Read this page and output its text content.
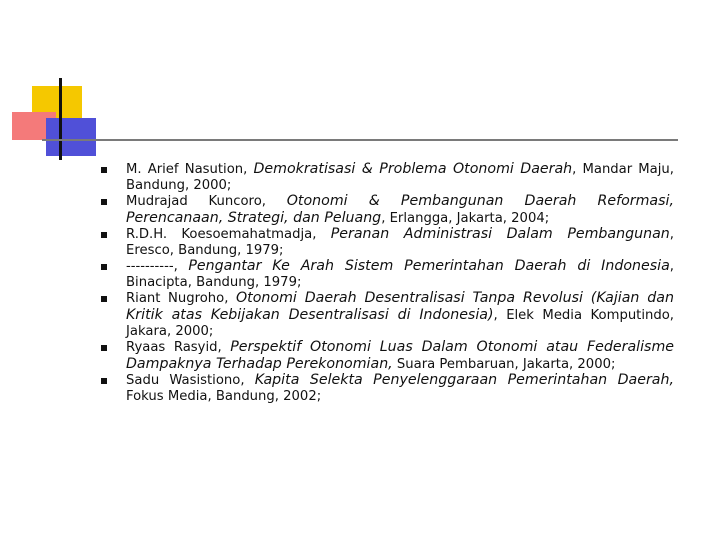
M. Arief Nasution, Demokratisasi & Problema Otonomi Daerah, Mandar Maju, Bandung, 2000;
Mudrajad Kuncoro, Otonomi & Pembangunan Daerah Reformasi, Perencanaan, Strategi, dan Peluang, Erlangga, Jakarta, 2004;
R.D.H. Koesoemahatmadja, Peranan Administrasi Dalam Pembangunan, Eresco, Bandung, 1979;
----------, Pengantar Ke Arah Sistem Pemerintahan Daerah di Indonesia, Binacipta, Bandung, 1979;
Riant Nugroho, Otonomi Daerah Desentralisasi Tanpa Revolusi (Kajian dan Kritik atas Kebijakan Desentralisasi di Indonesia), Elek Media Komputindo, Jakara, 2000;
Ryaas Rasyid, Perspektif Otonomi Luas Dalam Otonomi atau Federalisme Dampaknya Terhadap Perekonomian, Suara Pembaruan, Jakarta, 2000;
Sadu Wasistiono, Kapita Selekta Penyelenggaraan Pemerintahan Daerah, Fokus Media, Bandung, 2002;
